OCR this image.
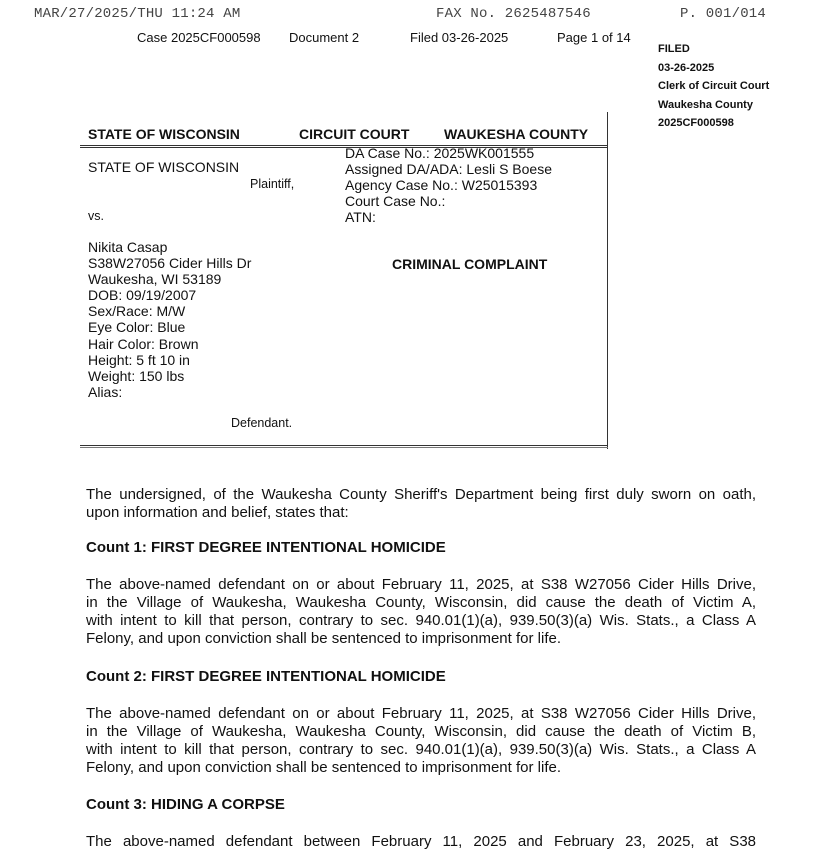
MAR/27/2025/THU 11:24 AM	FAX No. 2625487546	P. 001/014
Case 2025CF000598 Document 2	Filed 03-26-2025	Page 1 of 14
FILED
03-26-2025
Clerk of Circuit Court
Waukesha County
2025CF000598
STATE OF WISCONSIN	CIRCUIT COURT WAUKESHA COUNTY
STATE OF WISCONSIN
Plaintiff,
DA Case No.: 2025WK001555
Assigned DA/ADA: Lesli S Boese
Agency Case No.: W25015393
Court Case No.:
ATN:
vs.
Nikita Casap
S38W27056 Cider Hills Dr
Waukesha, WI 53189
DOB: 09/19/2007
Sex/Race: M/W
Eye Color: Blue
Hair Color: Brown
Height: 5 ft 10 in
Weight: 150 lbs
Alias:
Defendant.
CRIMINAL COMPLAINT
The undersigned, of the Waukesha County Sheriff's Department being first duly sworn on oath,
upon information and belief, states that:
Count 1: FIRST DEGREE INTENTIONAL HOMICIDE
The above-named defendant on or about February 11, 2025, at S38 W27056 Cider Hills Drive,
in the Village of Waukesha, Waukesha County, Wisconsin, did cause the death of Victim A,
with intent to kill that person, contrary to sec. 940.01(1)(a), 939.50(3)(a) Wis. Stats., a Class A
Felony, and upon conviction shall be sentenced to imprisonment for life.
Count 2: FIRST DEGREE INTENTIONAL HOMICIDE
The above-named defendant on or about February 11, 2025, at S38 W27056 Cider Hills Drive,
in the Village of Waukesha, Waukesha County, Wisconsin, did cause the death of Victim B,
with intent to kill that person, contrary to sec. 940.01(1)(a), 939.50(3)(a) Wis. Stats., a Class A
Felony, and upon conviction shall be sentenced to imprisonment for life.
Count 3: HIDING A CORPSE
The above-named defendant between February 11, 2025 and February 23, 2025, at S38
